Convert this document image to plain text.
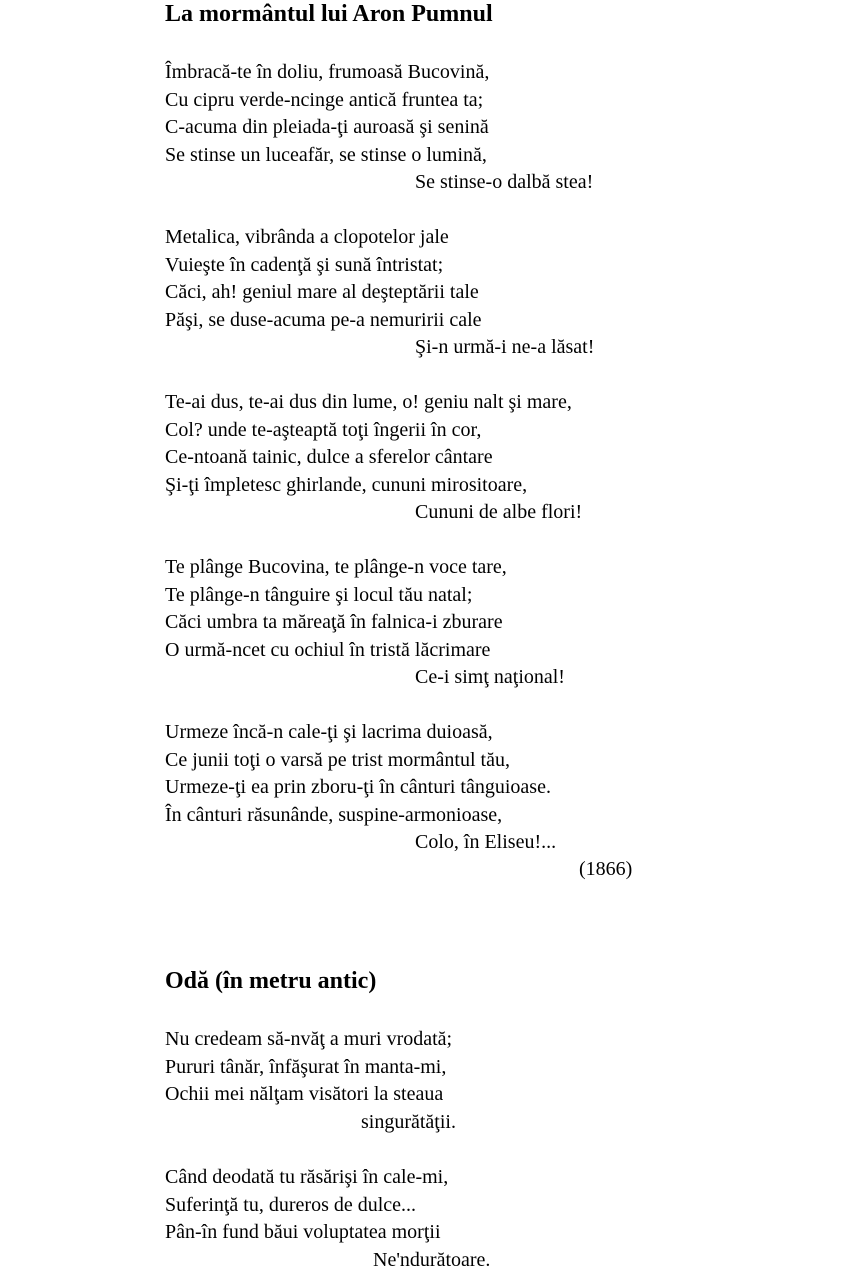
La mormântul lui Aron Pumnul
Îmbracă-te în doliu, frumoasă Bucovină,
Cu cipru verde-ncinge antică fruntea ta;
C-acuma din pleiada-ţi auroasă şi senină
Se stinse un luceafăr, se stinse o lumină,
Se stinse-o dalbă stea!
Metalica, vibrânda a clopotelor jale
Vuieşte în cadenţă şi sună întristat;
Căci, ah! geniul mare al deşteptării tale
Păşi, se duse-acuma pe-a nemuririi cale
Şi-n urmă-i ne-a lăsat!
Te-ai dus, te-ai dus din lume, o! geniu nalt şi mare,
Col? unde te-aşteaptă toţi îngerii în cor,
Ce-ntoană tainic, dulce a sferelor cântare
Şi-ţi împletesc ghirlande, cununi mirositoare,
Cununi de albe flori!
Te plânge Bucovina, te plânge-n voce tare,
Te plânge-n tânguire şi locul tău natal;
Căci umbra ta măreaţă în falnica-i zburare
O urmă-ncet cu ochiul în tristă lăcrimare
Ce-i simţ naţional!
Urmeze încă-n cale-ţi şi lacrima duioasă,
Ce junii toţi o varsă pe trist mormântul tău,
Urmeze-ţi ea prin zboru-ţi în cânturi tânguioase.
În cânturi răsunânde, suspine-armonioase,
Colo, în Eliseu!...
(1866)
Odă (în metru antic)
Nu credeam să-nvăţ a muri vrodată;
Pururi tânăr, înfăşurat în manta-mi,
Ochii mei nălţam visători la steaua
singurătăţii.
Când deodată tu răsărişi în cale-mi,
Suferinţă tu, dureros de dulce...
Pân-în fund băui voluptatea morţii
Ne'ndurătoare.
